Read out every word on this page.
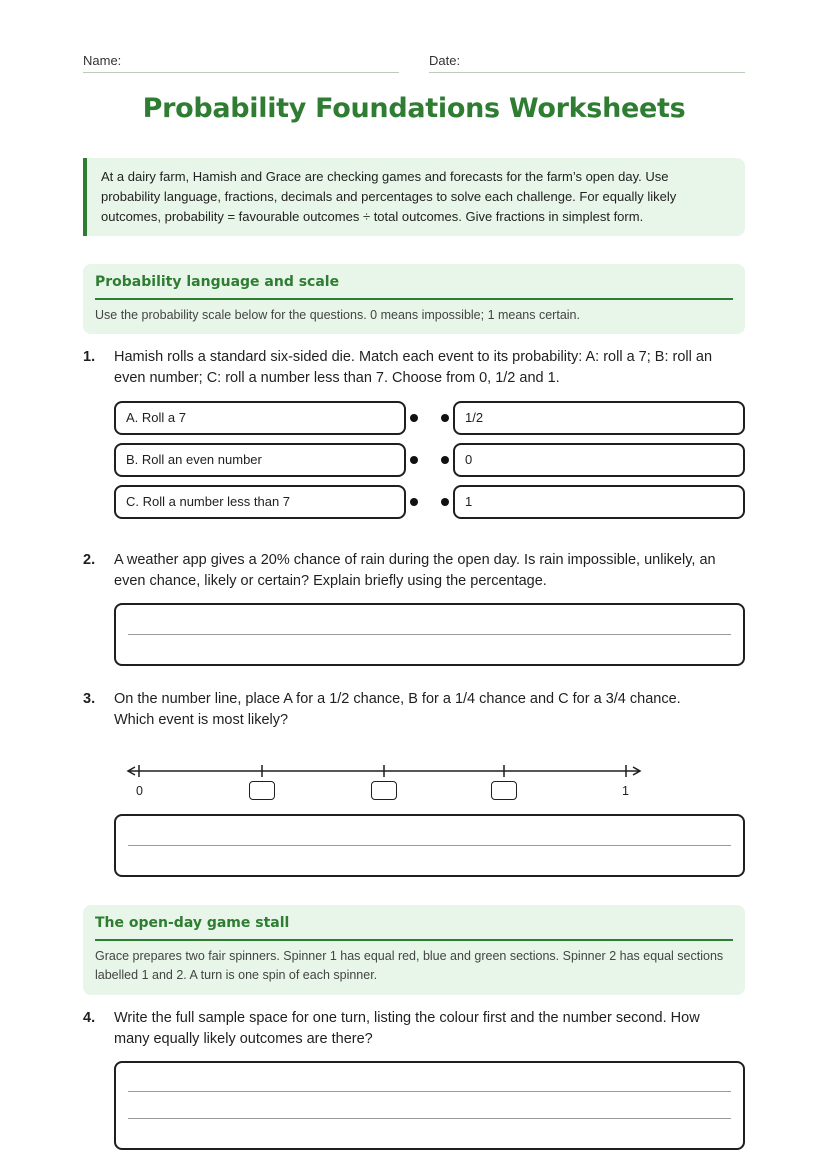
Name:	Date:
Probability Foundations Worksheets
At a dairy farm, Hamish and Grace are checking games and forecasts for the farm’s open day. Use probability language, fractions, decimals and percentages to solve each challenge. For equally likely outcomes, probability = favourable outcomes ÷ total outcomes. Give fractions in simplest form.
Probability language and scale
Use the probability scale below for the questions. 0 means impossible; 1 means certain.
1. Hamish rolls a standard six-sided die. Match each event to its probability: A: roll a 7; B: roll an even number; C: roll a number less than 7. Choose from 0, 1/2 and 1.
A. Roll a 7	1/2
B. Roll an even number	0
C. Roll a number less than 7	1
2. A weather app gives a 20% chance of rain during the open day. Is rain impossible, unlikely, an even chance, likely or certain? Explain briefly using the percentage.
3. On the number line, place A for a 1/2 chance, B for a 1/4 chance and C for a 3/4 chance. Which event is most likely?
0	1
The open-day game stall
Grace prepares two fair spinners. Spinner 1 has equal red, blue and green sections. Spinner 2 has equal sections labelled 1 and 2. A turn is one spin of each spinner.
4. Write the full sample space for one turn, listing the colour first and the number second. How many equally likely outcomes are there?
